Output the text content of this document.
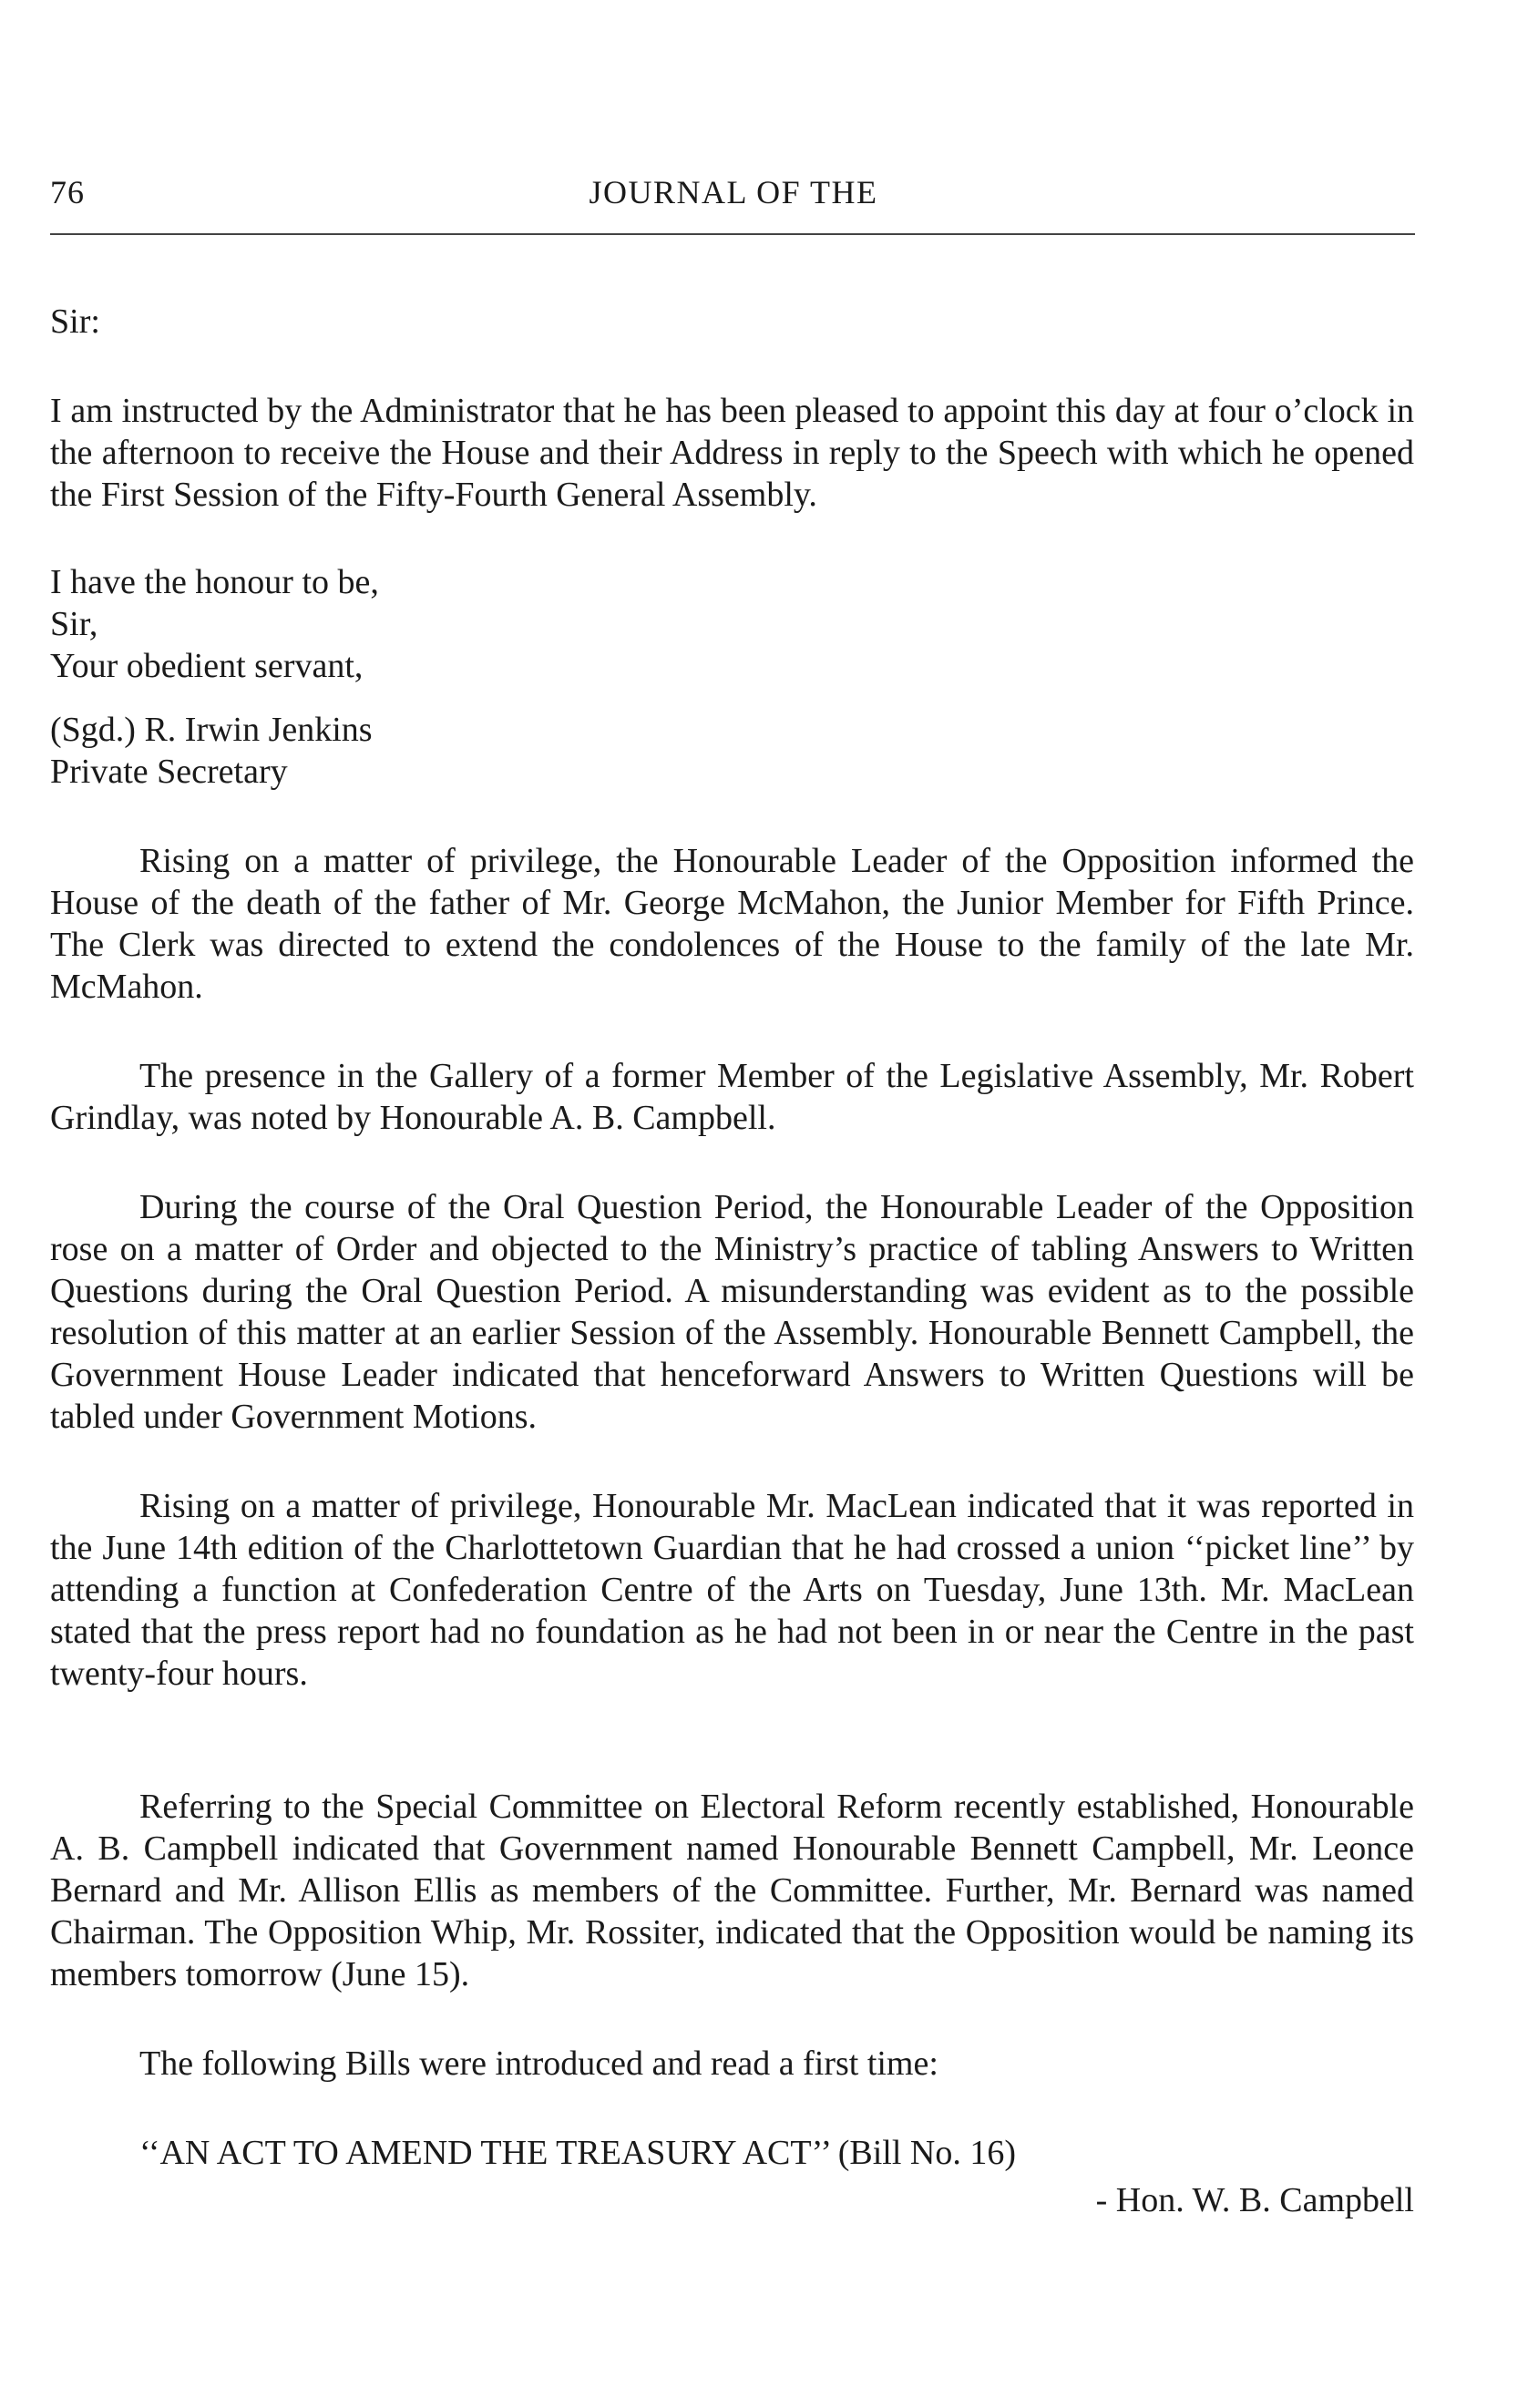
76	JOURNAL OF THE

Sir:

I am instructed by the Administrator that he has been pleased to appoint this day at four o’clock in the afternoon to receive the House and their Address in reply to the Speech with which he opened the First Session of the Fifty-Fourth General Assembly.

I have the honour to be,

Sir,

Your obedient servant,

(Sgd.) R. Irwin Jenkins

Private Secretary

Rising on a matter of privilege, the Honourable Leader of the Opposition informed the House of the death of the father of Mr. George McMahon, the Junior Member for Fifth Prince. The Clerk was directed to extend the condolences of the House to the family of the late Mr. McMahon.

The presence in the Gallery of a former Member of the Legislative Assembly, Mr. Robert Grindlay, was noted by Honourable A. B. Campbell.

During the course of the Oral Question Period, the Honourable Leader of the Opposition rose on a matter of Order and objected to the Ministry’s practice of tabling Answers to Written Questions during the Oral Question Period. A misunderstanding was evident as to the possible resolution of this matter at an earlier Session of the Assembly. Honourable Bennett Campbell, the Government House Leader indicated that henceforward Answers to Written Questions will be tabled under Government Motions.

Rising on a matter of privilege, Honourable Mr. MacLean indicated that it was reported in the June 14th edition of the Charlottetown Guardian that he had crossed a union ‘‘picket line’’ by attending a function at Confederation Centre of the Arts on Tuesday, June 13th. Mr. MacLean stated that the press report had no foundation as he had not been in or near the Centre in the past twenty-four hours.

Referring to the Special Committee on Electoral Reform recently established, Honourable A. B. Campbell indicated that Government named Honourable Bennett Campbell, Mr. Leonce Bernard and Mr. Allison Ellis as members of the Committee. Further, Mr. Bernard was named Chairman. The Opposition Whip, Mr. Rossiter, indicated that the Opposition would be naming its members tomorrow (June 15).

The following Bills were introduced and read a first time:

‘‘AN ACT TO AMEND THE TREASURY ACT’’ (Bill No. 16)

- Hon. W. B. Campbell
